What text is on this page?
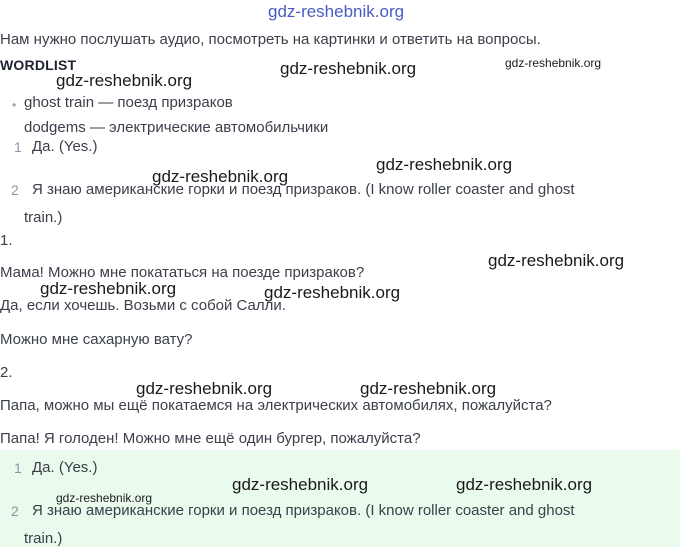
gdz-reshebnik.org
Нам нужно послушать аудио, посмотреть на картинки и ответить на вопросы.
WORDLIST
• ghost train — поезд призраков
dodgems — электрические автомобильчики
gdz-reshebnik.org
gdz-reshebnik.org	gdz-reshebnik.org
1 Да. (Yes.)
gdz-reshebnik.org
gdz-reshebnik.org
2 Я знаю американские горки и поезд призраков. (I know roller coaster and ghost
train.)
1.
Мама! Можно мне покататься на поезде призраков?
gdz-reshebnik.org
gdz-reshebnik.org	gdz-reshebnik.org
Да, если хочешь. Возьми с собой Салли.
Можно мне сахарную вату?
2.
gdz-reshebnik.org	gdz-reshebnik.org
Папа, можно мы ещё покатаемся на электрических автомобилях, пожалуйста?
Папа! Я голоден! Можно мне ещё один бургер, пожалуйста?
1 Да. (Yes.)
gdz-reshebnik.org
gdz-reshebnik.org	gdz-reshebnik.org
2 Я знаю американские горки и поезд призраков. (I know roller coaster and ghost
train.)
